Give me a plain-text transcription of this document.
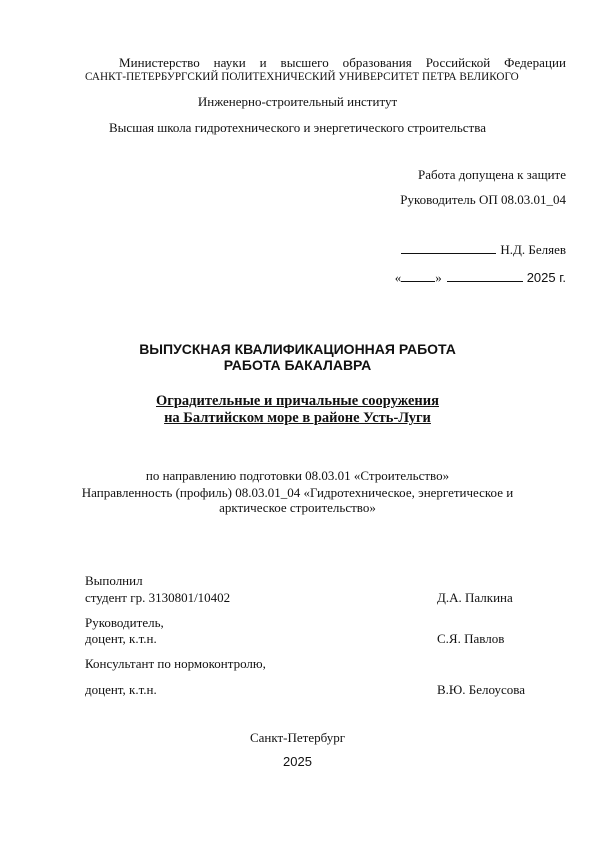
Министерство науки и высшего образования Российской Федерации
САНКТ-ПЕТЕРБУРГСКИЙ ПОЛИТЕХНИЧЕСКИЙ УНИВЕРСИТЕТ ПЕТРА ВЕЛИКОГО
Инженерно-строительный институт
Высшая школа гидротехнического и энергетического строительства
Работа допущена к защите
Руководитель ОП 08.03.01_04
Н.Д. Беляев
«	»	2025 г.
ВЫПУСКНАЯ КВАЛИФИКАЦИОННАЯ РАБОТА
РАБОТА БАКАЛАВРА
Оградительные и причальные сооружения
на Балтийском море в районе Усть-Луги
по направлению подготовки 08.03.01 «Строительство»
Направленность (профиль) 08.03.01_04 «Гидротехническое, энергетическое и
арктическое строительство»
Выполнил
студент гр. 3130801/10402	Д.А. Палкина
Руководитель,
доцент, к.т.н.	С.Я. Павлов
Консультант по нормоконтролю,
доцент, к.т.н.	В.Ю. Белоусова
Санкт-Петербург
2025
